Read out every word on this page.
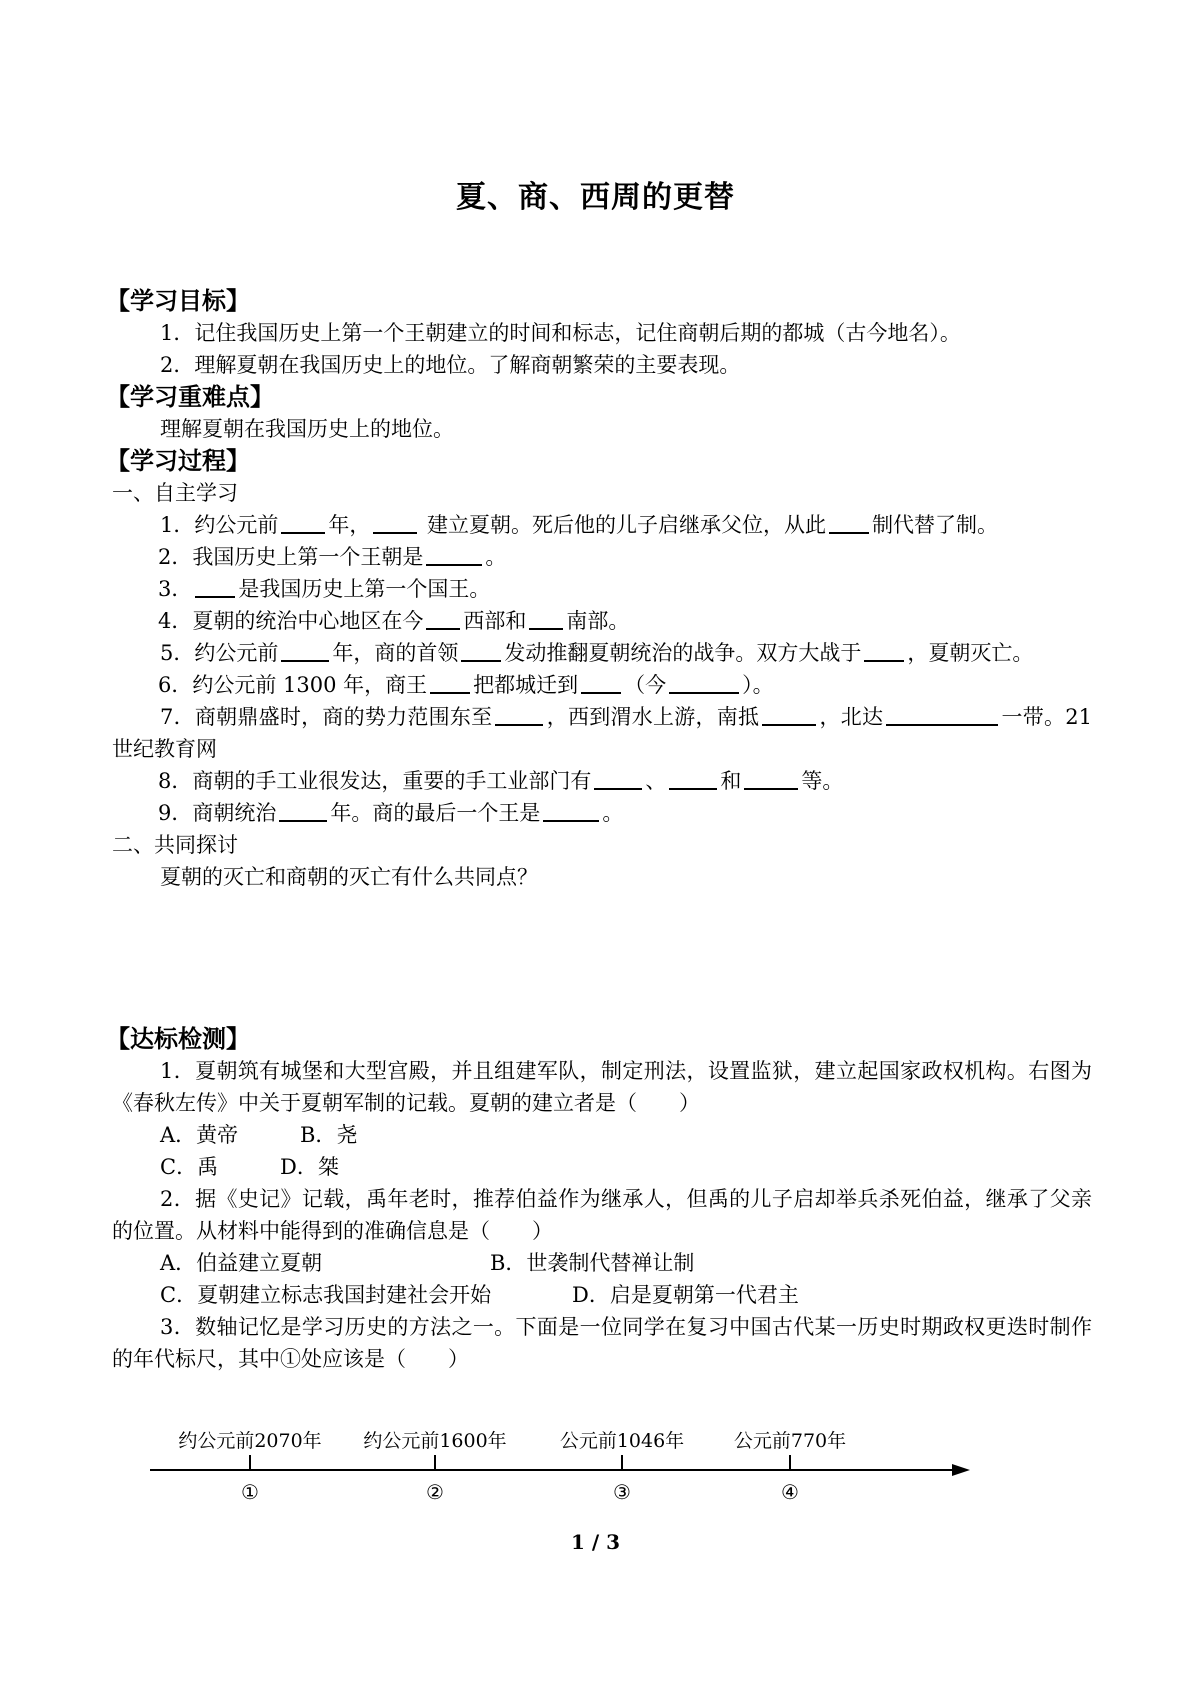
夏、商、西周的更替
【学习目标】
1．记住我国历史上第一个王朝建立的时间和标志，记住商朝后期的都城（古今地名）。
2．理解夏朝在我国历史上的地位。了解商朝繁荣的主要表现。
【学习重难点】
理解夏朝在我国历史上的地位。
【学习过程】
一、自主学习
1．约公元前 年， 建立夏朝。死后他的儿子启继承父位，从此 制代替了制。
2．我国历史上第一个王朝是	。
3． 是我国历史上第一个国王。
4．夏朝的统治中心地区在今 西部和 南部。
5．约公元前	年，商的首领 发动推翻夏朝统治的战争。双方大战于 ，夏朝灭亡。
6．约公元前 1300 年，商王 把都城迁到 （今	）。
7．商朝鼎盛时，商的势力范围东至	，西到渭水上游，南抵	，北达	一带。21 世纪教育网
8．商朝的手工业很发达，重要的手工业部门有	、	和	等。
9．商朝统治	年。商的最后一个王是	。
二、共同探讨
夏朝的灭亡和商朝的灭亡有什么共同点？
【达标检测】
1．夏朝筑有城堡和大型宫殿，并且组建军队，制定刑法，设置监狱，建立起国家政权机构。右图为《春秋左传》中关于夏朝军制的记载。夏朝的建立者是（　　）
A．黄帝	B．尧
C．禹	D．桀
2．据《史记》记载，禹年老时，推荐伯益作为继承人，但禹的儿子启却举兵杀死伯益，继承了父亲的位置。从材料中能得到的准确信息是（　　）
A．伯益建立夏朝	B．世袭制代替禅让制
C．夏朝建立标志我国封建社会开始	D．启是夏朝第一代君主
3．数轴记忆是学习历史的方法之一。下面是一位同学在复习中国古代某一历史时期政权更迭时制作的年代标尺，其中①处应该是（　　）
约公元前2070年 约公元前1600年	公元前1046年	公元前770年
①	②	③	④
1 / 3
